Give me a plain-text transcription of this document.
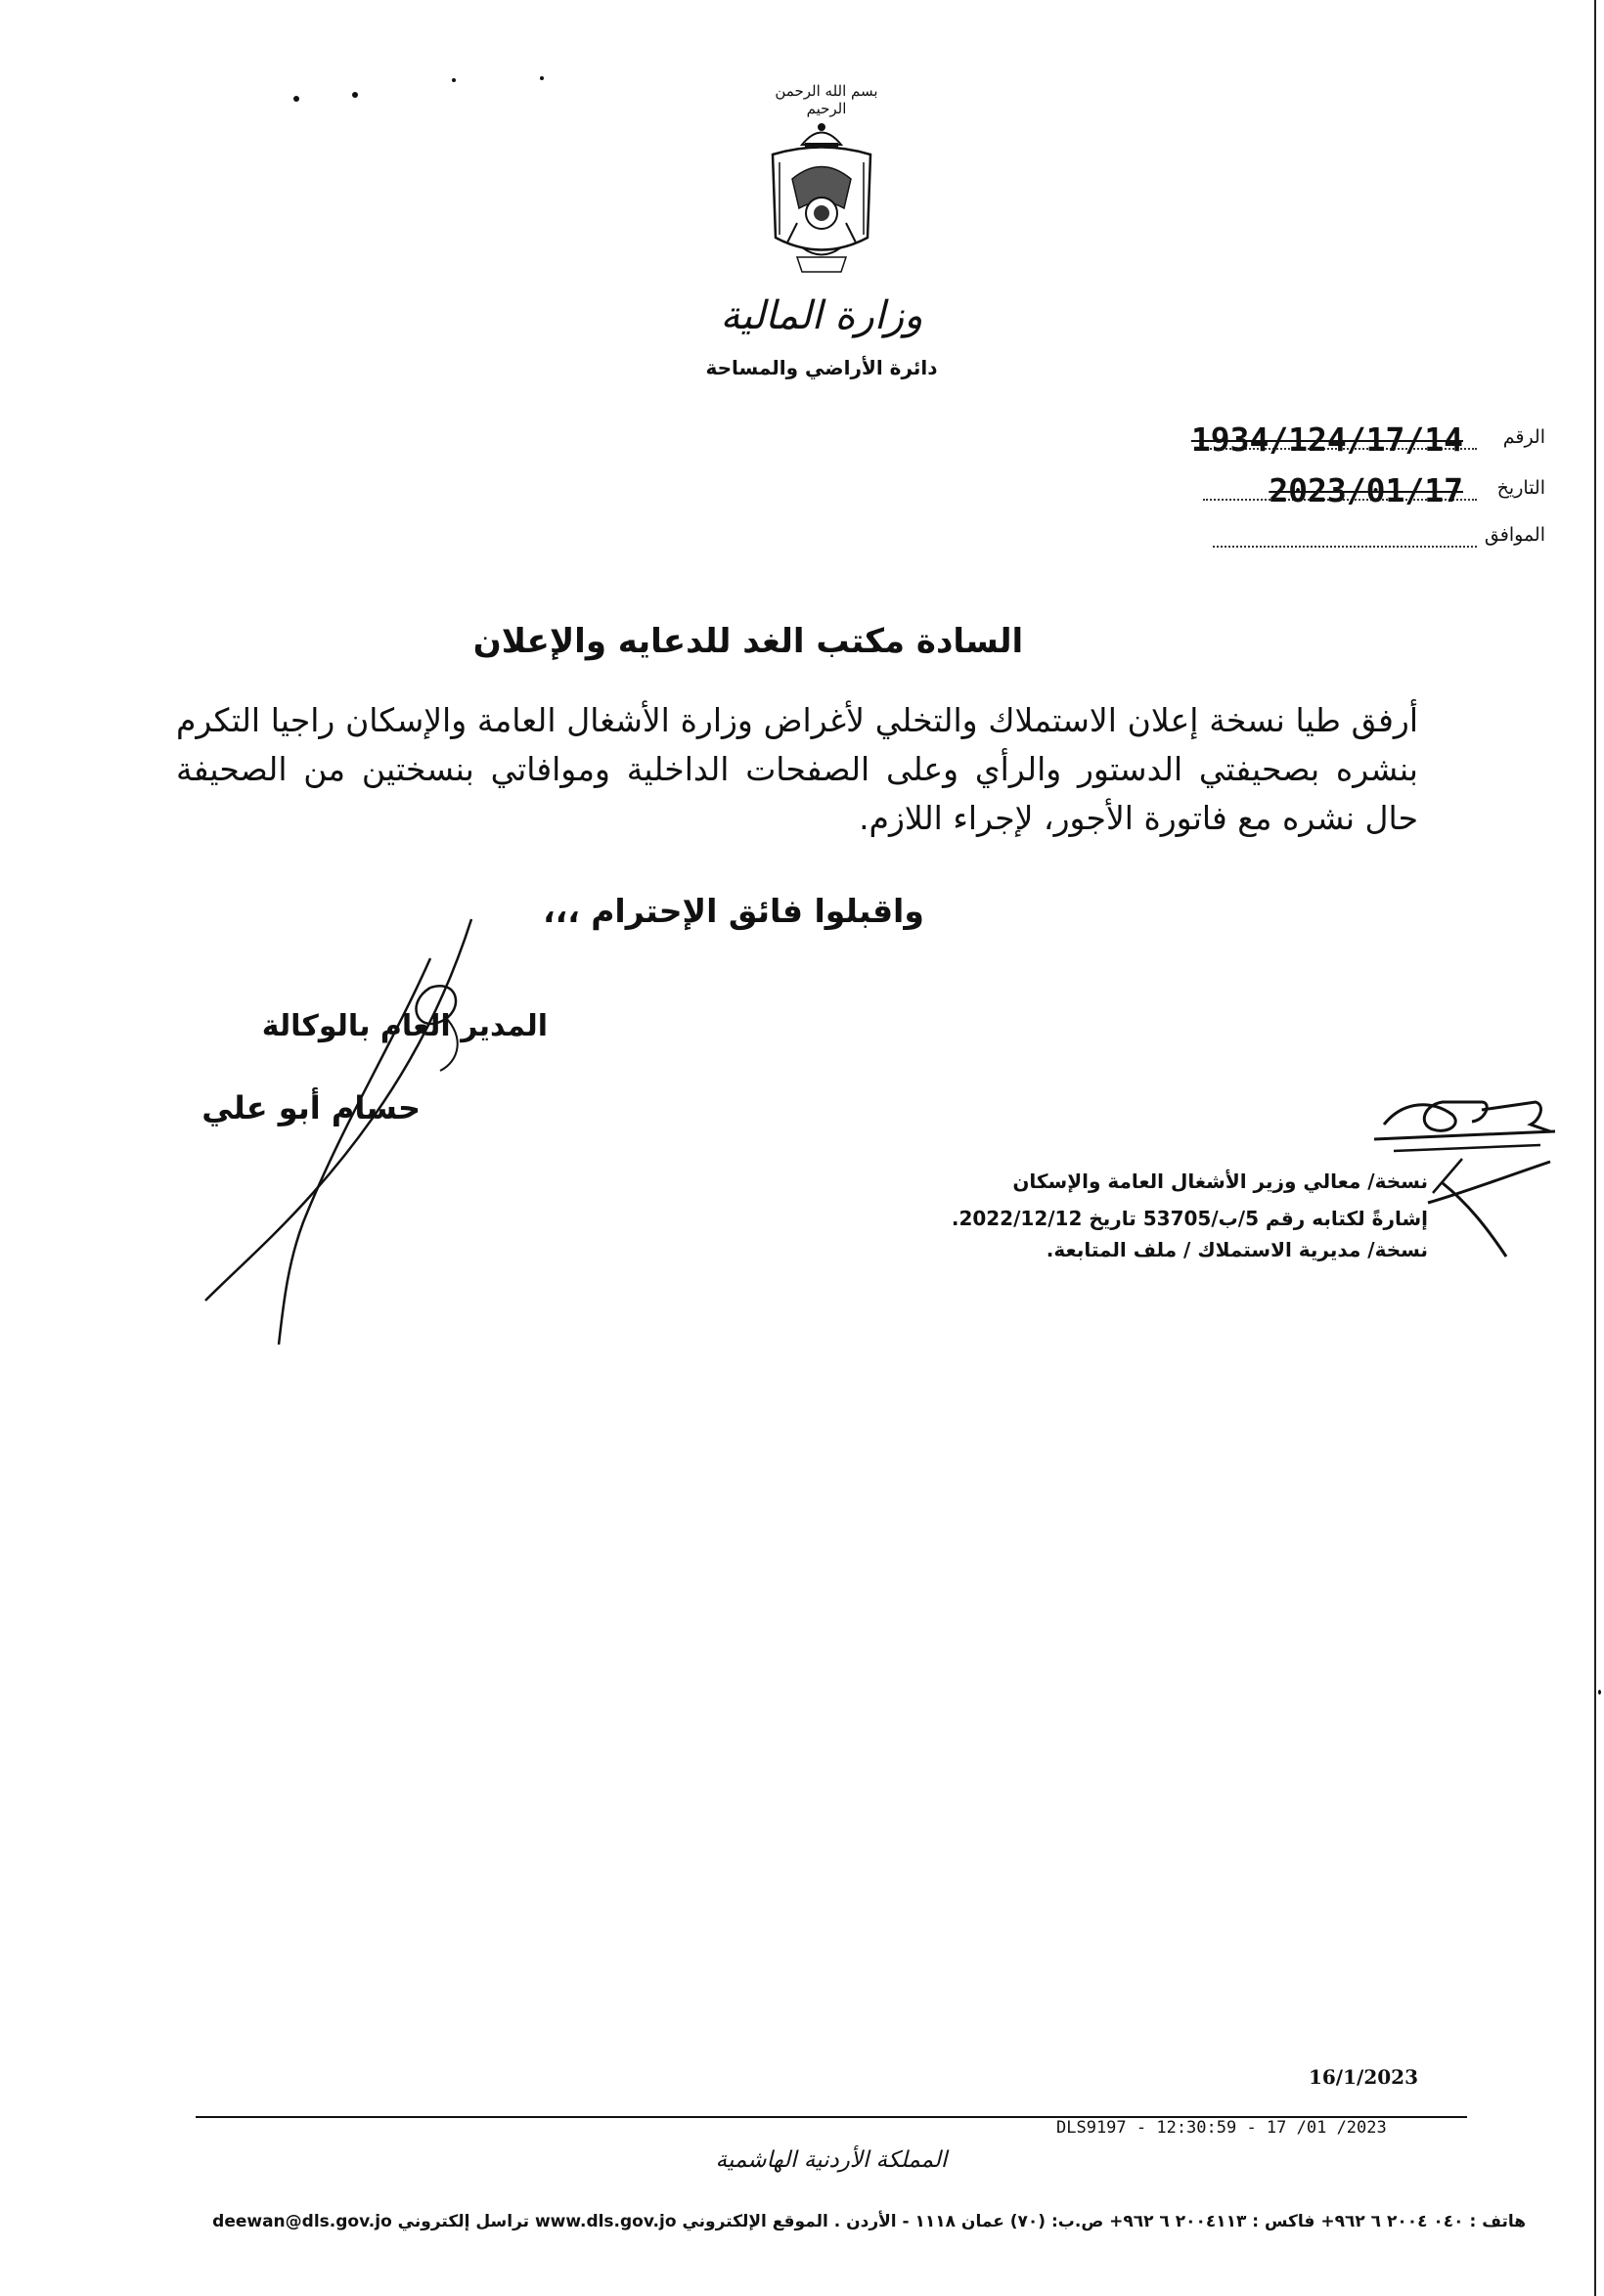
بسم الله الرحمن الرحيم
وزارة المالية
دائرة الأراضي والمساحة
الرقم
1934/124/17/14
التاريخ
2023/01/17
الموافق
السادة مكتب الغد للدعايه والإعلان
أرفق طيا نسخة إعلان الاستملاك والتخلي لأغراض وزارة الأشغال العامة والإسكان راجيا التكرم بنشره بصحيفتي الدستور والرأي وعلى الصفحات الداخلية وموافاتي بنسختين من الصحيفة حال نشره مع فاتورة الأجور، لإجراء اللازم.
واقبلوا فائق الإحترام ،،،
المدير العام بالوكالة
حسام أبو علي
نسخة/ معالي وزير الأشغال العامة والإسكان
إشارةً لكتابه رقم 5/ب/53705 تاريخ 2022/12/12.
نسخة/ مديرية الاستملاك / ملف المتابعة.
16/1/2023
DLS9197 - 12:30:59 - 17 /01 /2023
المملكة الأردنية الهاشمية
هاتف : ٠٤٠ ٢٠٠٤ ٦ ٩٦٢+ فاكس : ٢٠٠٤١١٣ ٦ ٩٦٢+ ص.ب: (٧٠) عمان ١١١٨ - الأردن . الموقع الإلكتروني www.dls.gov.jo تراسل إلكتروني deewan@dls.gov.jo
